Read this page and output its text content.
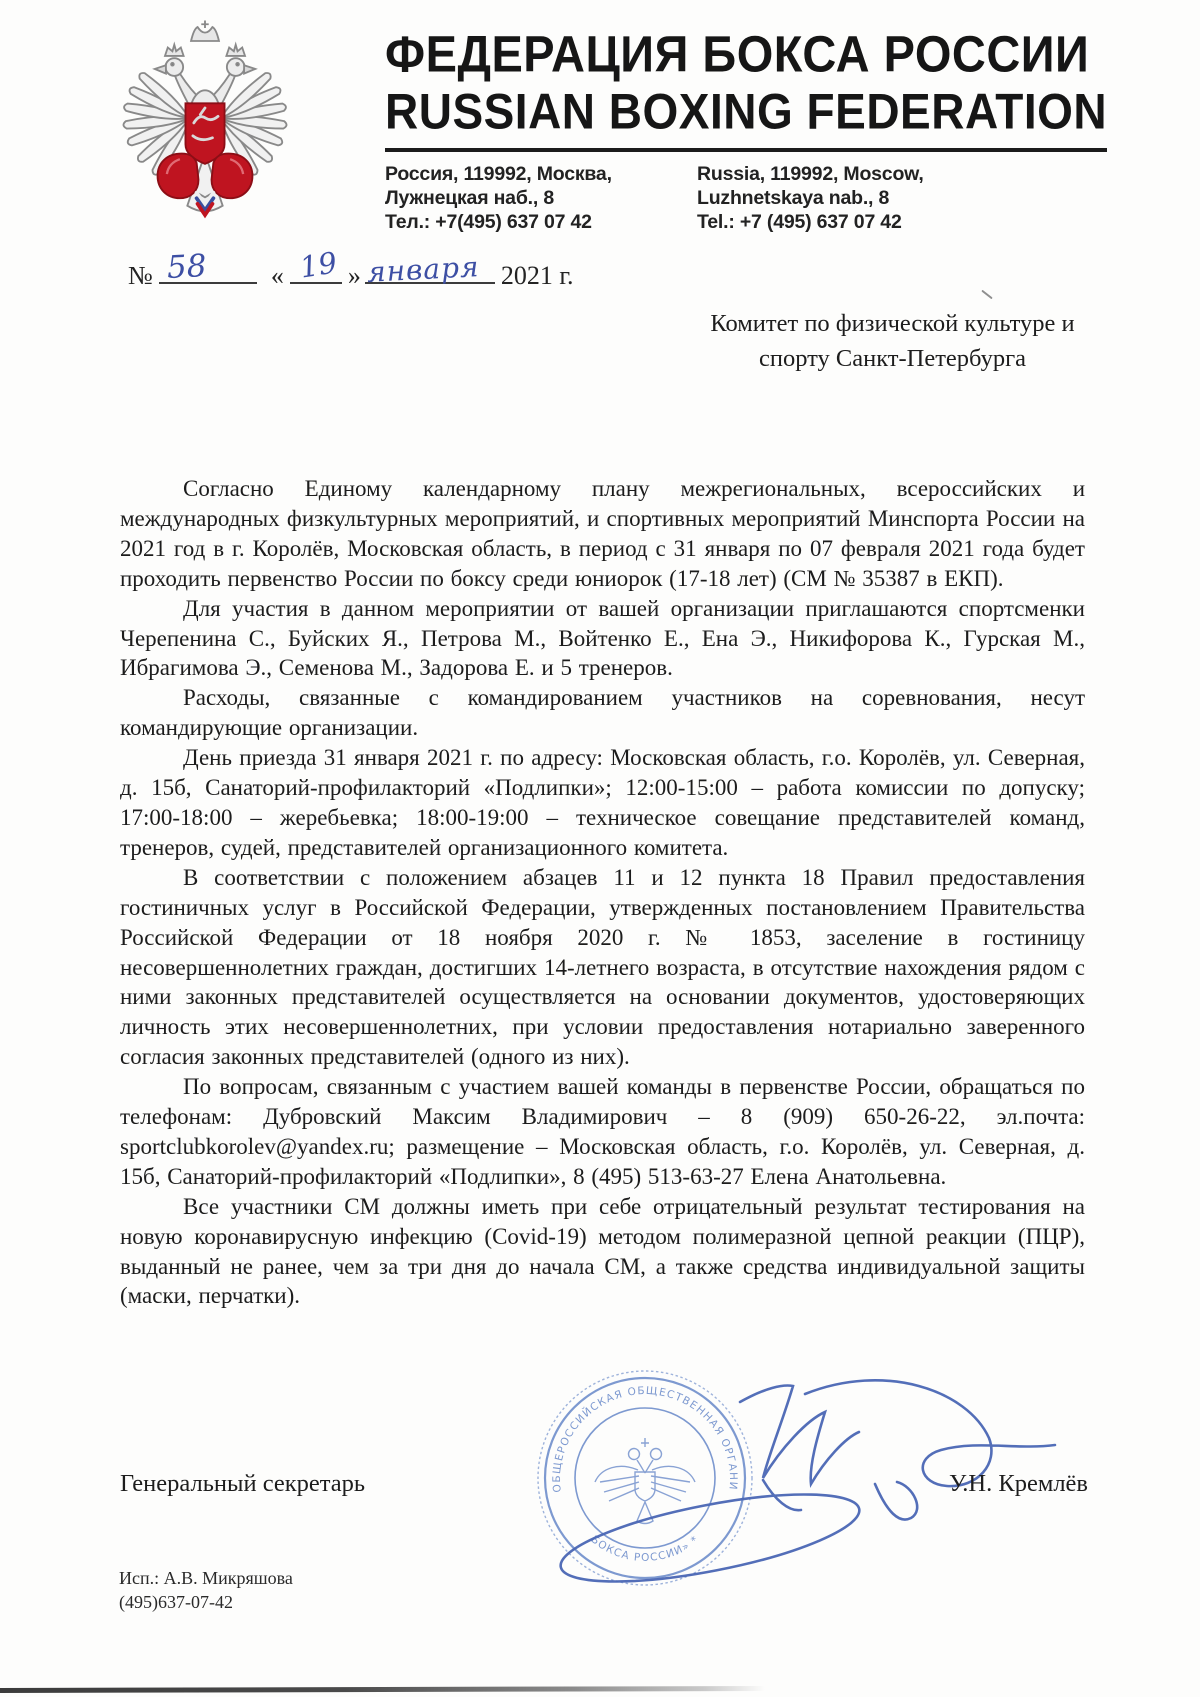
ФЕДЕРАЦИЯ БОКСА РОССИИ
RUSSIAN BOXING FEDERATION
Россия, 119992, Москва,
Лужнецкая наб., 8
Тел.: +7(495) 637 07 42
Russia, 119992, Moscow,
Luzhnetskaya nab., 8
Tel.: +7 (495) 637 07 42
№ 58 « 19 » января 2021 г.
Комитет по физической культуре и
спорту Санкт-Петербурга

Согласно Единому календарному плану межрегиональных, всероссийских и международных физкультурных мероприятий, и спортивных мероприятий Минспорта России на 2021 год в г. Королёв, Московская область, в период с 31 января по 07 февраля 2021 года будет проходить первенство России по боксу среди юниорок (17-18 лет) (СМ № 35387 в ЕКП).

Для участия в данном мероприятии от вашей организации приглашаются спортсменки Черепенина С., Буйских Я., Петрова М., Войтенко Е., Ена Э., Никифорова К., Гурская М., Ибрагимова Э., Семенова М., Задорова Е. и 5 тренеров.

Расходы, связанные с командированием участников на соревнования, несут командирующие организации.

День приезда 31 января 2021 г. по адресу: Московская область, г.о. Королёв, ул. Северная, д. 15б, Санаторий-профилакторий «Подлипки»; 12:00-15:00 – работа комиссии по допуску; 17:00-18:00 – жеребьевка; 18:00-19:00 – техническое совещание представителей команд, тренеров, судей, представителей организационного комитета.

В соответствии с положением абзацев 11 и 12 пункта 18 Правил предоставления гостиничных услуг в Российской Федерации, утвержденных постановлением Правительства Российской Федерации от 18 ноября 2020 г. № 1853, заселение в гостиницу несовершеннолетних граждан, достигших 14-летнего возраста, в отсутствие нахождения рядом с ними законных представителей осуществляется на основании документов, удостоверяющих личность этих несовершеннолетних, при условии предоставления нотариально заверенного согласия законных представителей (одного из них).

По вопросам, связанным с участием вашей команды в первенстве России, обращаться по телефонам: Дубровский Максим Владимирович – 8 (909) 650-26-22, эл.почта: sportclubkorolev@yandex.ru; размещение – Московская область, г.о. Королёв, ул. Северная, д. 15б, Санаторий-профилакторий «Подлипки», 8 (495) 513-63-27 Елена Анатольевна.

Все участники СМ должны иметь при себе отрицательный результат тестирования на новую коронавирусную инфекцию (Covid-19) методом полимеразной цепной реакции (ПЦР), выданный не ранее, чем за три дня до начала СМ, а также средства индивидуальной защиты (маски, перчатки).

ОБЩЕРОССИЙСКАЯ ОБЩЕСТВЕННАЯ ОРГАНИЗАЦИЯ «ФЕДЕРАЦИЯ
БОКСА РОССИИ» *
Генеральный секретарь	У.Н. Кремлёв
Исп.: А.В. Микряшова
(495)637-07-42
